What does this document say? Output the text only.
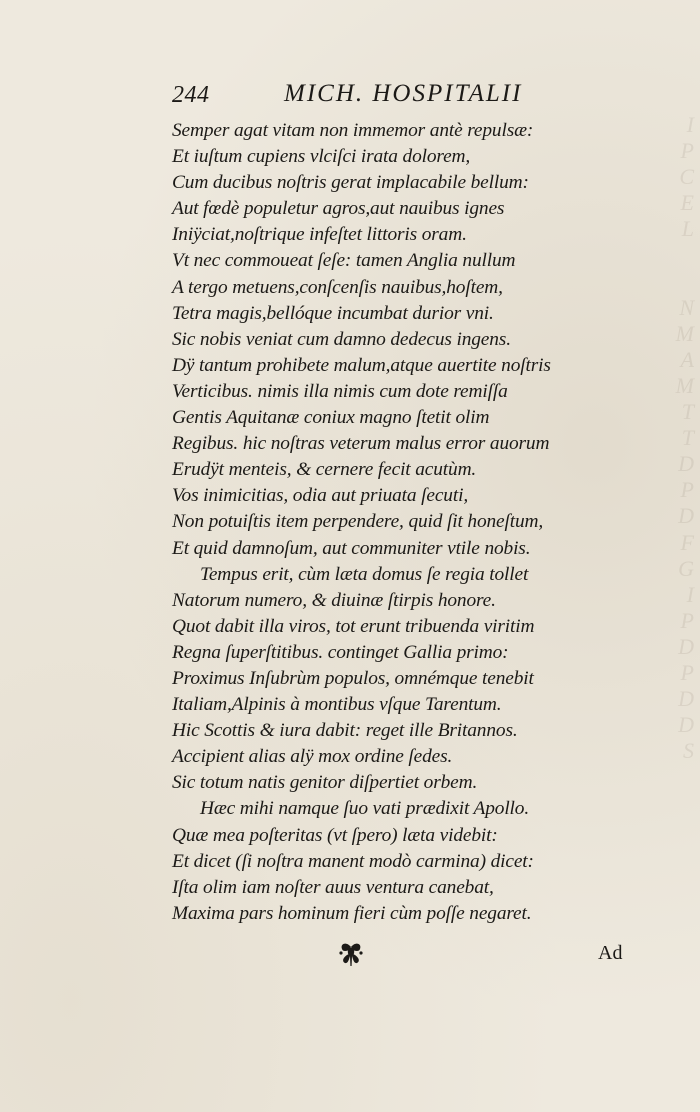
I
P
C
E
L

N
M
A
M
T
T
D
P
D
F
G
I
P
D
P
D
D
S
244	MICH. HOSPITALII
Semper agat vitam non immemor antè repulsæ:
Et iuſtum cupiens vlciſci irata dolorem,
Cum ducibus noſtris gerat implacabile bellum:
Aut fœdè populetur agros,aut nauibus ignes
Iniÿciat,noſtrique infeſtet littoris oram.
Vt nec commoueat ſeſe: tamen Anglia nullum
A tergo metuens,conſcenſis nauibus,hoſtem,
Tetra magis,bellóque incumbat durior vni.
Sic nobis veniat cum damno dedecus ingens.
Dÿ tantum prohibete malum,atque auertite noſtris
Verticibus. nimis illa nimis cum dote remiſſa
Gentis Aquitanæ coniux magno ſtetit olim
Regibus. hic noſtras veterum malus error auorum
Erudÿt menteis, & cernere fecit acutùm.
Vos inimicitias, odia aut priuata ſecuti,
Non potuiſtis item perpendere, quid ſit honeſtum,
Et quid damnoſum, aut communiter vtile nobis.
Tempus erit, cùm læta domus ſe regia tollet
Natorum numero, & diuinæ ſtirpis honore.
Quot dabit illa viros, tot erunt tribuenda viritim
Regna ſuperſtitibus. continget Gallia primo:
Proximus Inſubrùm populos, omnémque tenebit
Italiam,Alpinis à montibus vſque Tarentum.
Hic Scottis & iura dabit: reget ille Britannos.
Accipient alias alÿ mox ordine ſedes.
Sic totum natis genitor diſpertiet orbem.
Hæc mihi namque ſuo vati prædixit Apollo.
Quæ mea poſteritas (vt ſpero) læta videbit:
Et dicet (ſi noſtra manent modò carmina) dicet:
Iſta olim iam noſter auus ventura canebat,
Maxima pars hominum fieri cùm poſſe negaret.
Ad
